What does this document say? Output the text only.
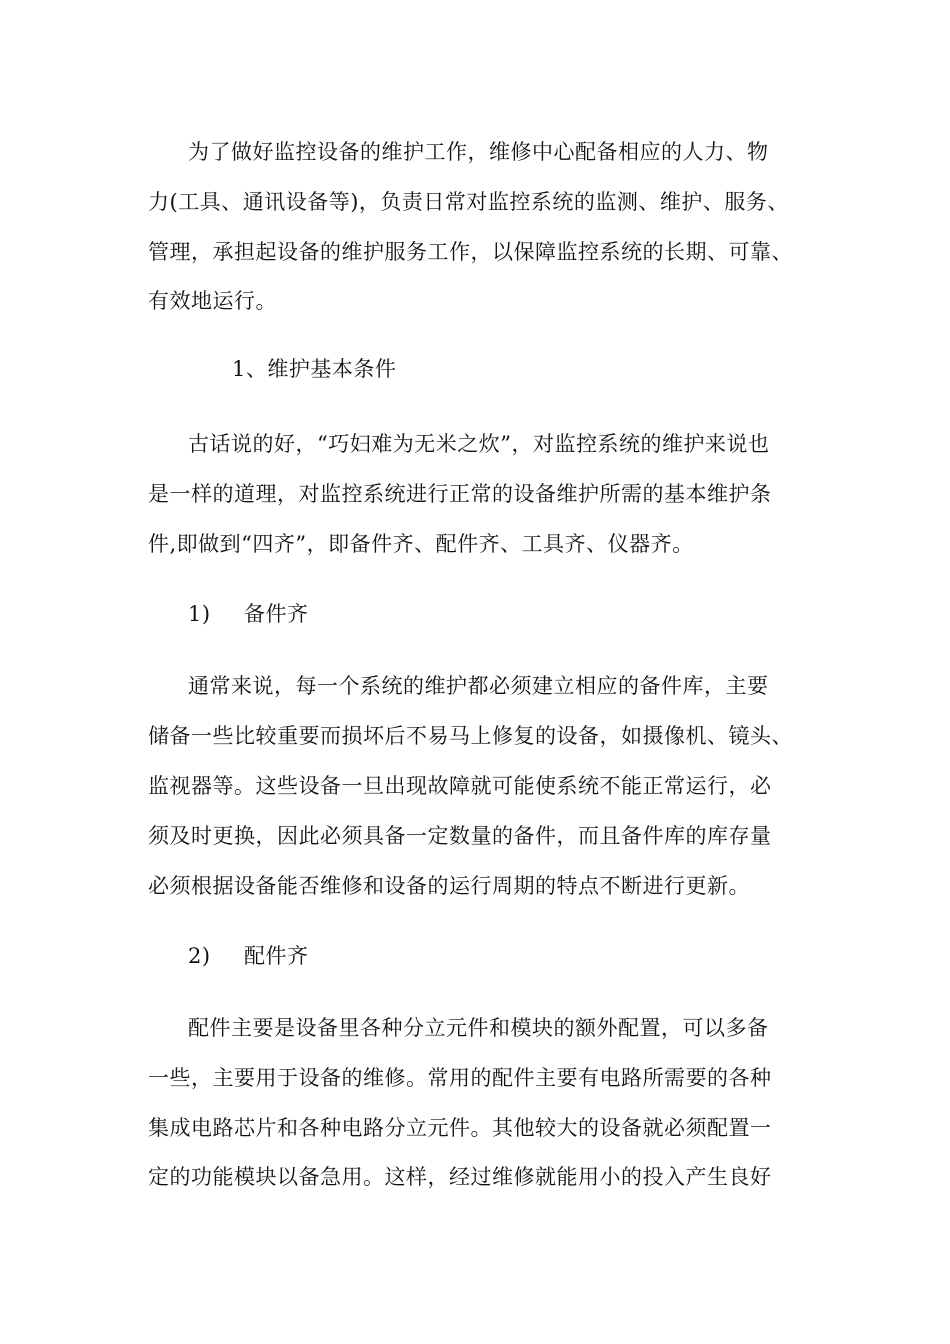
为了做好监控设备的维护工作，维修中心配备相应的人力、物
力(工具、通讯设备等)，负责日常对监控系统的监测、维护、服务、
管理，承担起设备的维护服务工作，以保障监控系统的长期、可靠、
有效地运行。
1、维护基本条件
古话说的好，“巧妇难为无米之炊”，对监控系统的维护来说也
是一样的道理，对监控系统进行正常的设备维护所需的基本维护条
件,即做到“四齐”，即备件齐、配件齐、工具齐、仪器齐。
1) 备件齐
通常来说，每一个系统的维护都必须建立相应的备件库，主要
储备一些比较重要而损坏后不易马上修复的设备，如摄像机、镜头、
监视器等。这些设备一旦出现故障就可能使系统不能正常运行，必
须及时更换，因此必须具备一定数量的备件，而且备件库的库存量
必须根据设备能否维修和设备的运行周期的特点不断进行更新。
2) 配件齐
配件主要是设备里各种分立元件和模块的额外配置，可以多备
一些，主要用于设备的维修。常用的配件主要有电路所需要的各种
集成电路芯片和各种电路分立元件。其他较大的设备就必须配置一
定的功能模块以备急用。这样，经过维修就能用小的投入产生良好
